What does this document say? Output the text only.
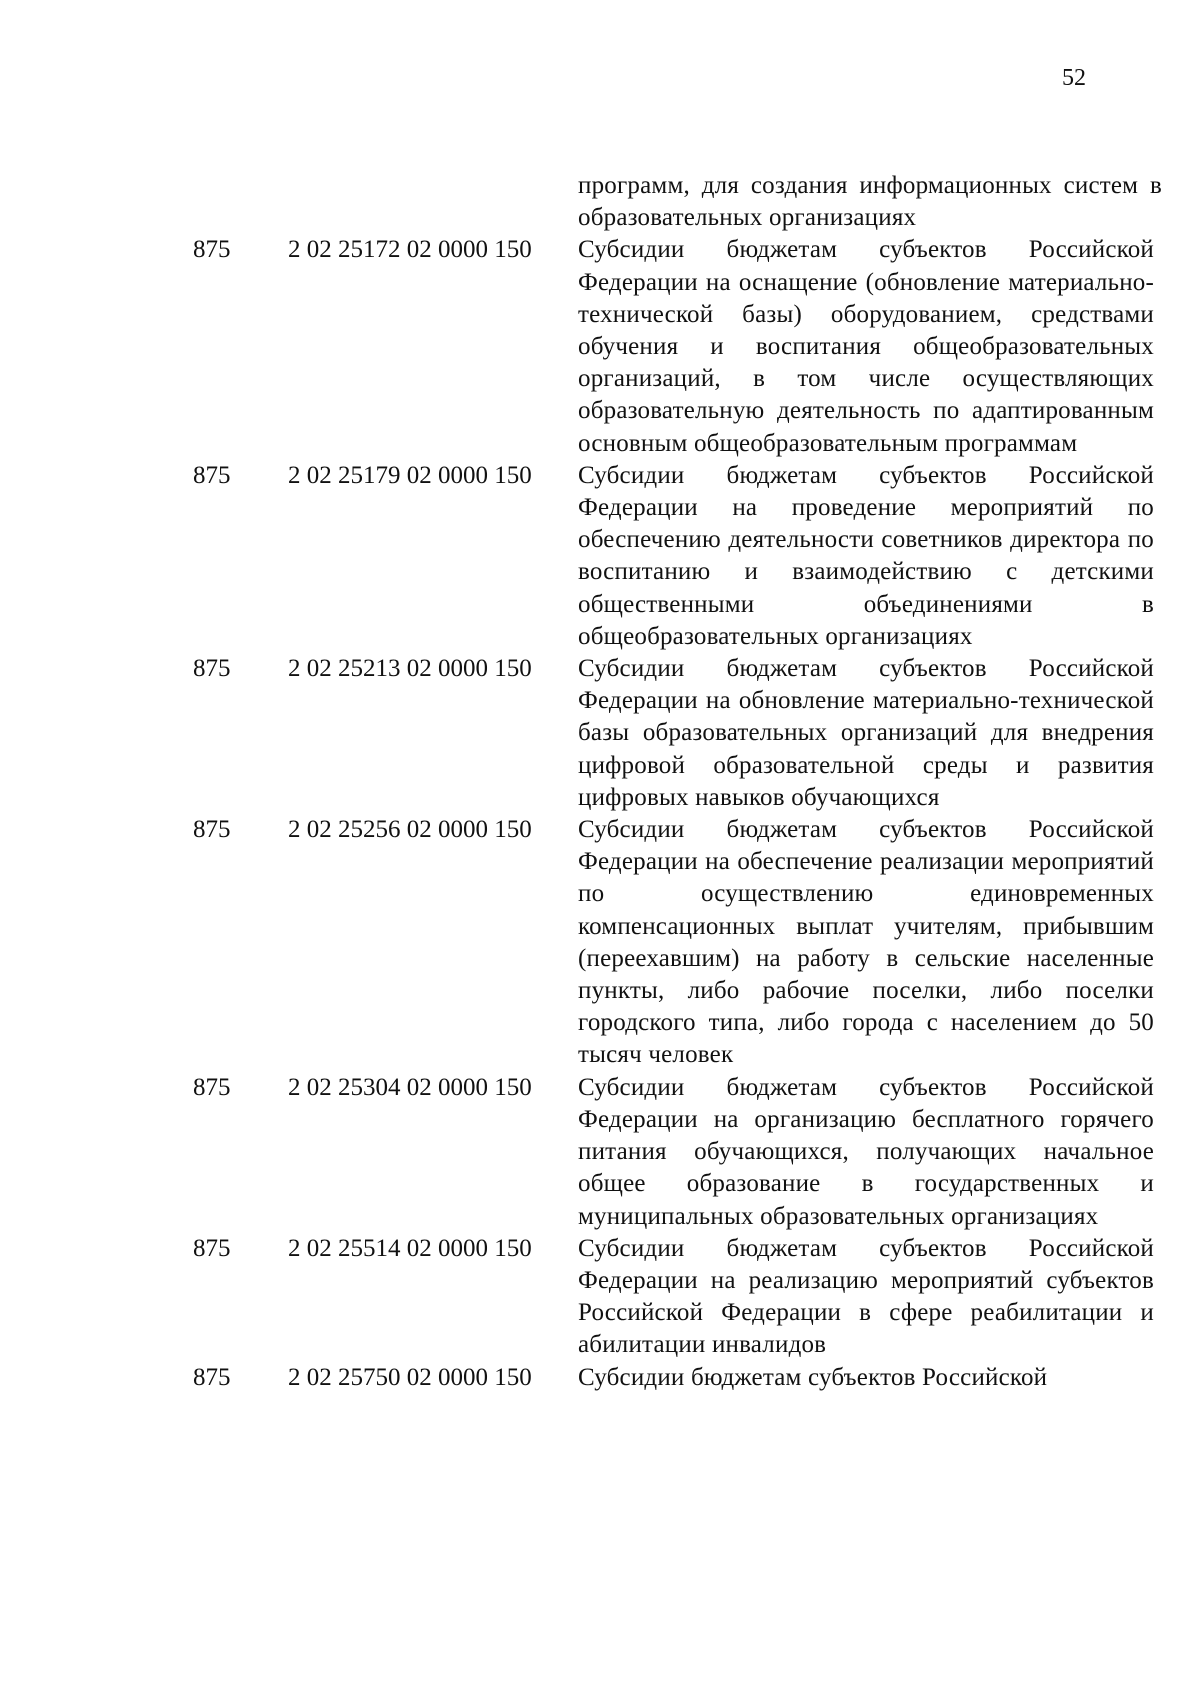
52
программ, для создания информационных систем в образовательных организациях
875 2 02 25172 02 0000 150 Субсидии бюджетам субъектов Российской Федерации на оснащение (обновление материально-технической базы) оборудованием, средствами обучения и воспитания общеобразовательных организаций, в том числе осуществляющих образовательную деятельность по адаптированным основным общеобразовательным программам
875 2 02 25179 02 0000 150 Субсидии бюджетам субъектов Российской Федерации на проведение мероприятий по обеспечению деятельности советников директора по воспитанию и взаимодействию с детскими общественными объединениями в общеобразовательных организациях
875 2 02 25213 02 0000 150 Субсидии бюджетам субъектов Российской Федерации на обновление материально-технической базы образовательных организаций для внедрения цифровой образовательной среды и развития цифровых навыков обучающихся
875 2 02 25256 02 0000 150 Субсидии бюджетам субъектов Российской Федерации на обеспечение реализации мероприятий по осуществлению единовременных компенсационных выплат учителям, прибывшим (переехавшим) на работу в сельские населенные пункты, либо рабочие поселки, либо поселки городского типа, либо города с населением до 50 тысяч человек
875 2 02 25304 02 0000 150 Субсидии бюджетам субъектов Российской Федерации на организацию бесплатного горячего питания обучающихся, получающих начальное общее образование в государственных и муниципальных образовательных организациях
875 2 02 25514 02 0000 150 Субсидии бюджетам субъектов Российской Федерации на реализацию мероприятий субъектов Российской Федерации в сфере реабилитации и абилитации инвалидов
875 2 02 25750 02 0000 150 Субсидии бюджетам субъектов Российской
